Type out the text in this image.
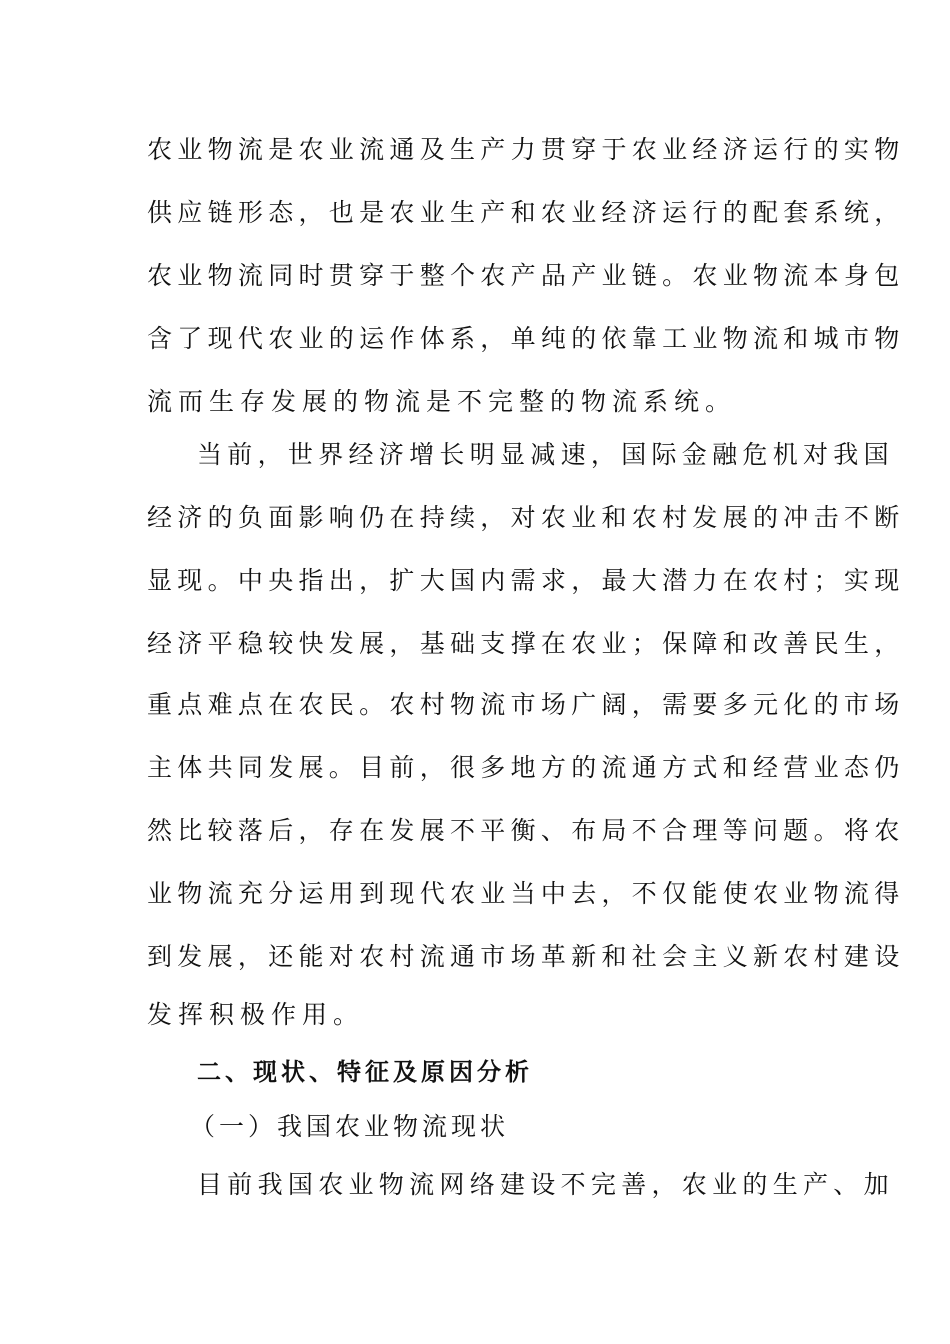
农业物流是农业流通及生产力贯穿于农业经济运行的实物
供应链形态，也是农业生产和农业经济运行的配套系统，
农业物流同时贯穿于整个农产品产业链。农业物流本身包
含了现代农业的运作体系，单纯的依靠工业物流和城市物
流而生存发展的物流是不完整的物流系统。
当前，世界经济增长明显减速，国际金融危机对我国
经济的负面影响仍在持续，对农业和农村发展的冲击不断
显现。中央指出，扩大国内需求，最大潜力在农村；实现
经济平稳较快发展，基础支撑在农业；保障和改善民生，
重点难点在农民。农村物流市场广阔，需要多元化的市场
主体共同发展。目前，很多地方的流通方式和经营业态仍
然比较落后，存在发展不平衡、布局不合理等问题。将农
业物流充分运用到现代农业当中去，不仅能使农业物流得
到发展，还能对农村流通市场革新和社会主义新农村建设
发挥积极作用。
二、现状、特征及原因分析
（一）我国农业物流现状
目前我国农业物流网络建设不完善，农业的生产、加
